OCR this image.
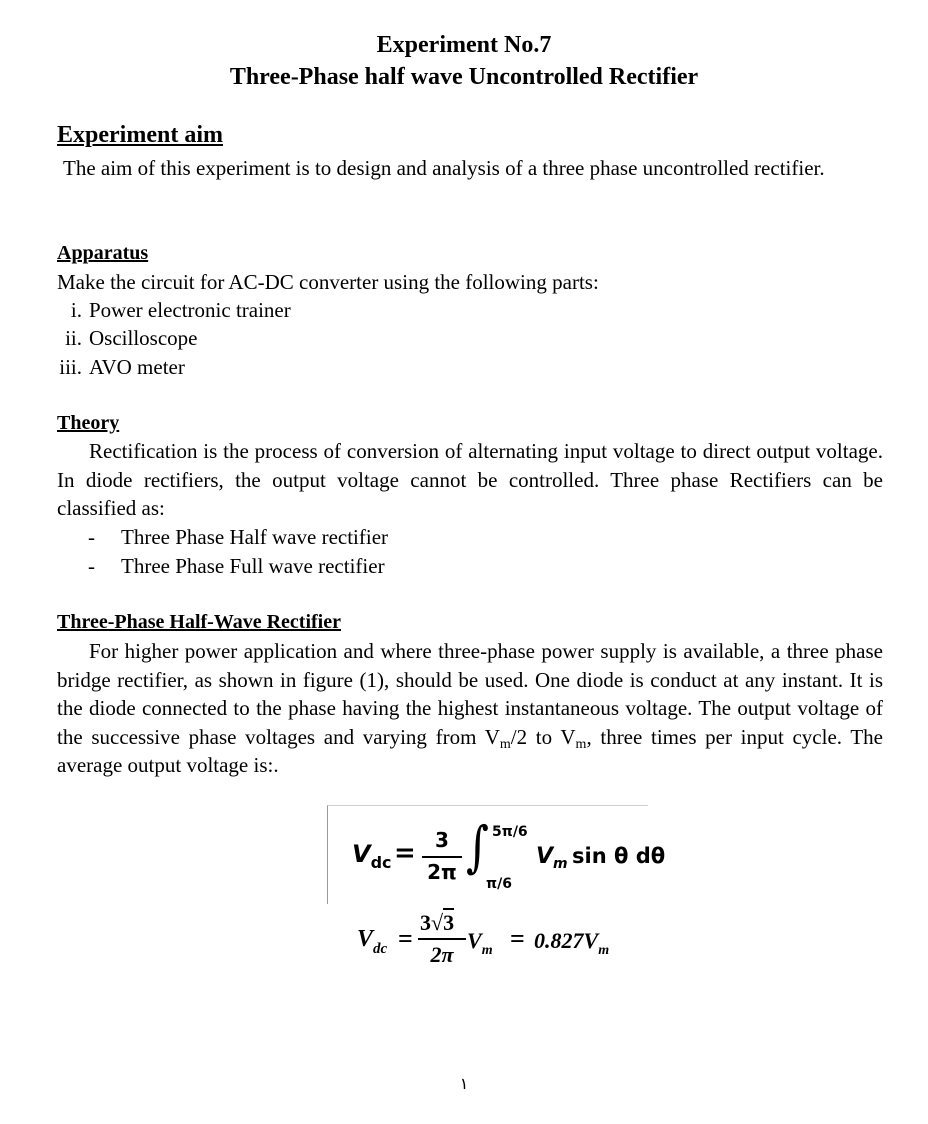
Experiment No.7
Three-Phase half wave Uncontrolled Rectifier
Experiment aim
The aim of this experiment is to design and analysis of a three phase uncontrolled rectifier.
Apparatus
Make the circuit for AC-DC converter using the following parts:
i. Power electronic trainer
ii. Oscilloscope
iii. AVO meter
Theory
Rectification is the process of conversion of alternating input voltage to direct output voltage. In diode rectifiers, the output voltage cannot be controlled. Three phase Rectifiers can be classified as:
- Three Phase Half wave rectifier
- Three Phase Full wave rectifier
Three-Phase Half-Wave Rectifier
For higher power application and where three-phase power supply is available, a three phase bridge rectifier, as shown in figure (1), should be used. One diode is conduct at any instant. It is the diode connected to the phase having the highest instantaneous voltage. The output voltage of the successive phase voltages and varying from $V_m/2$ to $V_m$, three times per input cycle. The average output voltage is:.
$V_{dc} = 3$
2π ∫ 5π/6
π/6
$V_m$ sin θ dθ
$V_{dc}$ =
3√3
2π
$V_m = 0.827V_m$
١
